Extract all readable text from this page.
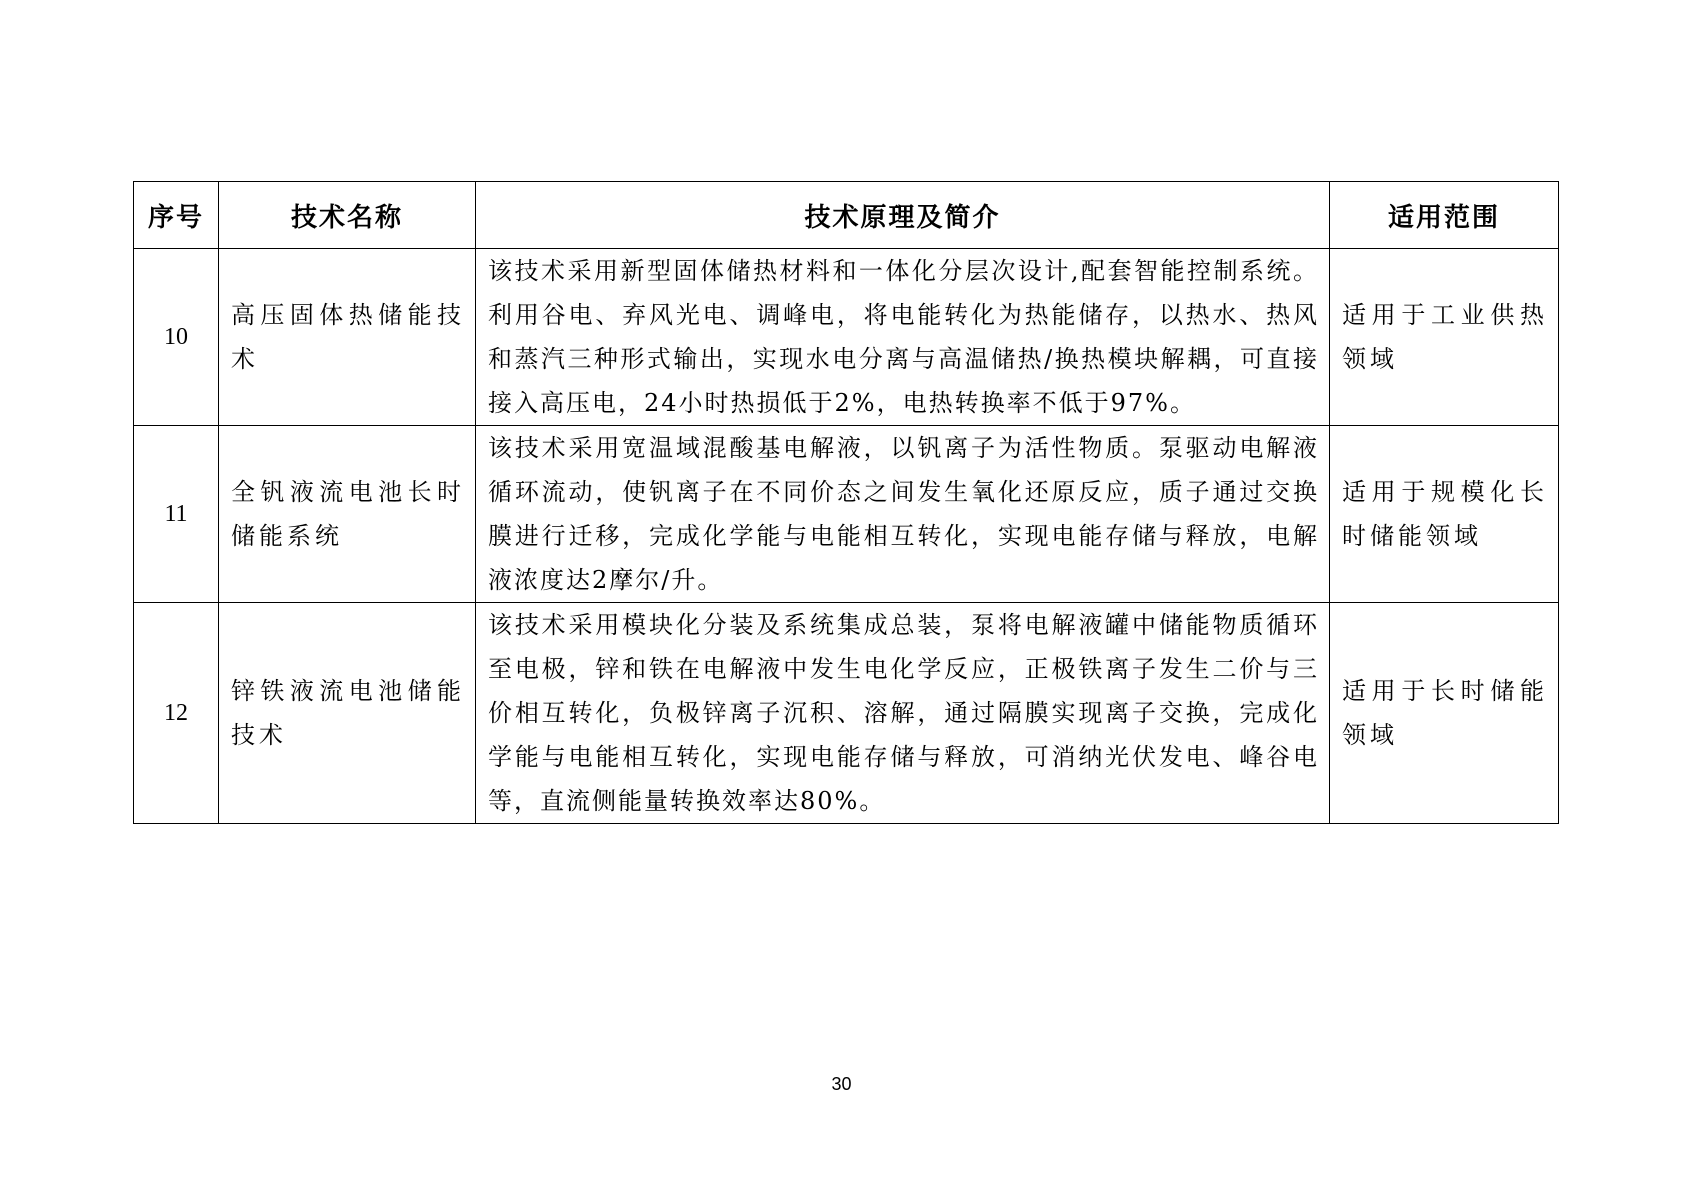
序号	技术名称	技术原理及简介	适用范围
10	高压固体热储能技术	该技术采用新型固体储热材料和一体化分层次设计,配套智能控制系统。利用谷电、弃风光电、调峰电，将电能转化为热能储存，以热水、热风和蒸汽三种形式输出，实现水电分离与高温储热/换热模块解耦，可直接接入高压电，24小时热损低于2%，电热转换率不低于97%。	适用于工业供热领域
11	全钒液流电池长时储能系统	该技术采用宽温域混酸基电解液，以钒离子为活性物质。泵驱动电解液循环流动，使钒离子在不同价态之间发生氧化还原反应，质子通过交换膜进行迁移，完成化学能与电能相互转化，实现电能存储与释放，电解液浓度达2摩尔/升。	适用于规模化长时储能领域
12	锌铁液流电池储能技术	该技术采用模块化分装及系统集成总装，泵将电解液罐中储能物质循环至电极，锌和铁在电解液中发生电化学反应，正极铁离子发生二价与三价相互转化，负极锌离子沉积、溶解，通过隔膜实现离子交换，完成化学能与电能相互转化，实现电能存储与释放，可消纳光伏发电、峰谷电等，直流侧能量转换效率达80%。	适用于长时储能领域
30
